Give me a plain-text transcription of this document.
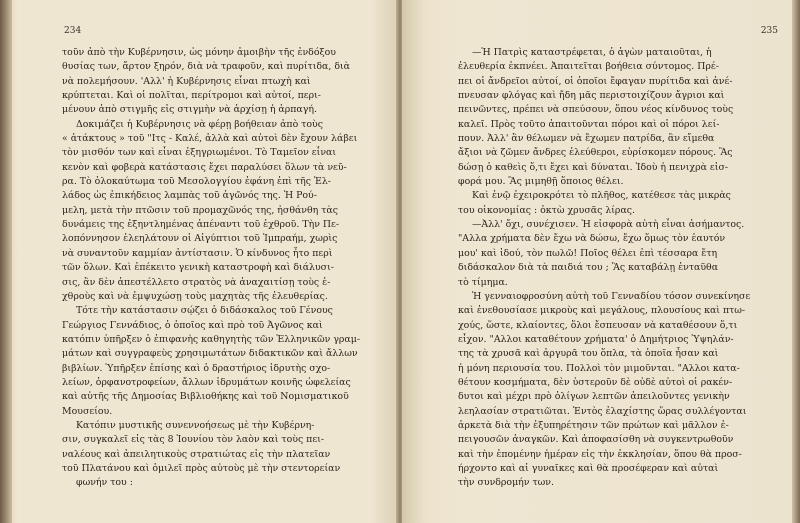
234
τοῦν ἀπὸ τὴν Κυβέρνησιν, ὡς μόνην ἀμοιβὴν τῆς ἐνδόξου
θυσίας των, ἄρτον ξηρόν, διὰ νὰ τραφοῦν, καὶ πυρίτιδα, διὰ
νὰ πολεμήσουν. 'Αλλ' ἡ Κυβέρνησις εἶναι πτωχὴ καὶ
κρύπτεται. Καὶ οἱ πολῖται, περίτρομοι καὶ αὐτοί, περι-
μένουν ἀπὸ στιγμῆς εἰς στιγμὴν νὰ ἀρχίσῃ ἡ ἁρπαγή.
Δοκιμάζει ἡ Κυβέρνησις νὰ φέρῃ βοήθειαν ἀπὸ τοὺς
« ἀτάκτους » τοῦ "Ιτς - Καλέ, ἀλλὰ καὶ αὐτοὶ δὲν ἔχουν λάβει
τὸν μισθόν των καὶ εἶναι ἐξηγριωμένοι. Τὸ Ταμεῖον εἶναι
κενὸν καὶ φοβερὰ κατάστασις ἔχει παραλύσει ὅλων τὰ νεῦ-
ρα. Τὸ ὁλοκαύτωμα τοῦ Μεσολογγίου ἐφάνη ἐπὶ τῆς Ἑλ-
λάδος ὡς ἐπικήδειος λαμπὰς τοῦ ἀγῶνός της. Ἡ Ρού-
μελη, μετὰ τὴν πτῶσιν τοῦ προμαχῶνός της, ἠσθάνθη τὰς
δυνάμεις της ἐξηντλημένας ἀπέναντι τοῦ ἐχθροῦ. Τὴν Πε-
λοπόννησον ἐλεηλάτουν οἱ Αἰγύπτιοι τοῦ Ἰμπραήμ, χωρὶς
νὰ συναντοῦν καμμίαν ἀντίστασιν. Ὁ κίνδυνος ἦτο περὶ
τῶν ὅλων. Καὶ ἐπέκειτο γενικὴ καταστροφὴ καὶ διάλυσι-
σις, ἂν δὲν ἀπεστέλλετο στρατὸς νὰ ἀναχαιτίσῃ τοὺς ἐ-
χθροὺς καὶ νὰ ἐμψυχώσῃ τοὺς μαχητὰς τῆς ἐλευθερίας.
Τότε τὴν κατάστασιν σῴζει ὁ διδάσκαλος τοῦ Γένους
Γεώργιος Γεννάδιος, ὁ ὁποῖος καὶ πρὸ τοῦ Ἀγῶνος καὶ
κατόπιν ὑπῆρξεν ὁ ἐπιφανὴς καθηγητὴς τῶν Ἑλληνικῶν γραμ-
μάτων καὶ συγγραφεὺς χρησιμωτάτων διδακτικῶν καὶ ἄλλων
βιβλίων. Ὑπῆρξεν ἐπίσης καὶ ὁ δραστήριος ἱδρυτὴς σχο-
λείων, ὀρφανοτροφείων, ἄλλων ἱδρυμάτων κοινῆς ὠφελείας
καὶ αὐτῆς τῆς Δημοσίας Βιβλιοθήκης καὶ τοῦ Νομισματικοῦ
Μουσείου.
Κατόπιν μυστικῆς συνεννοήσεως μὲ τὴν Κυβέρνη-
σιν, συγκαλεῖ εἰς τὰς 8 Ἰουνίου τὸν λαὸν καὶ τοὺς πει-
ναλέους καὶ ἀπειλητικοὺς στρατιώτας εἰς τὴν πλατεῖαν
τοῦ Πλατάνου καὶ ὁμιλεῖ πρὸς αὐτοὺς μὲ τὴν στεντορείαν
φωνήν του :
235
—Ἡ Πατρὶς καταστρέφεται, ὁ ἀγὼν ματαιοῦται, ἡ
ἐλευθερία ἐκπνέει. Ἀπαιτεῖται βοήθεια σύντομος. Πρέ-
πει οἱ ἄνδρεῖοι αὐτοί, οἱ ὁποῖοι ἔφαγαν πυρίτιδα καὶ ἀνέ-
πνευσαν φλόγας καὶ ἤδη μᾶς περιστοιχίζουν ἄγριοι καὶ
πεινῶντες, πρέπει νὰ σπεύσουν, ὅπου νέος κίνδυνος τοὺς
καλεῖ. Πρὸς τοῦτο ἀπαιτοῦνται πόροι καὶ οἱ πόροι λεί-
πουν. Ἀλλ' ἂν θέλωμεν νὰ ἔχωμεν πατρίδα, ἂν εἴμεθα
ἄξιοι νὰ ζῶμεν ἄνδρες ἐλεύθεροι, εὑρίσκομεν πόρους. Ἂς
δώσῃ ὁ καθεὶς ὅ,τι ἔχει καὶ δύναται. Ἰδοὺ ἡ πενιχρὰ εἰσ-
φορά μου. Ἂς μιμηθῇ ὅποιος θέλει.
Καὶ ἐνῷ ἐχειροκρότει τὸ πλῆθος, κατέθεσε τὰς μικρὰς
του οἰκονομίας : ὀκτὼ χρυσᾶς λίρας.
—Ἀλλ' ὄχι, συνέχισεν. Ἡ εἰσφορὰ αὐτὴ εἶναι ἀσήμαντος.
"Αλλα χρήματα δὲν ἔχω νὰ δώσω, ἔχω ὅμως τὸν ἑαυτόν
μου' καὶ ἰδού, τὸν πωλῶ! Ποῖος θέλει ἐπὶ τέσσαρα ἔτη
διδάσκαλον διὰ τὰ παιδιά του ; Ἂς καταβάλῃ ἐνταῦθα
τὸ τίμημα.
Ἡ γενναιοφροσύνη αὐτὴ τοῦ Γενναδίου τόσον συνεκίνησε
καὶ ἐνεθουσίασε μικροὺς καὶ μεγάλους, πλουσίους καὶ πτω-
χούς, ὥστε, κλαίοντες, ὅλοι ἔσπευσαν νὰ καταθέσουν ὅ,τι
εἶχον. "Αλλοι καταθέτουν χρήματα' ὁ Δημήτριος Ὑψηλάν-
της τὰ χρυσᾶ καὶ ἀργυρᾶ του ὅπλα, τὰ ὁποῖα ἦσαν καὶ
ἡ μόνη περιουσία του. Πολλοὶ τὸν μιμοῦνται. "Αλλοι κατα-
θέτουν κοσμήματα, δὲν ὑστεροῦν δὲ οὐδὲ αὐτοὶ οἱ ρακέν-
δυτοι καὶ μέχρι πρὸ ὀλίγων λεπτῶν ἀπειλοῦντες γενικὴν
λεηλασίαν στρατιῶται. Ἐντὸς ἐλαχίστης ὥρας συλλέγονται
ἀρκετὰ διὰ τὴν ἐξυπηρέτησιν τῶν πρώτων καὶ μᾶλλον ἐ-
πειγουσῶν ἀναγκῶν. Καὶ ἀποφασίσθη νὰ συγκεντρωθοῦν
καὶ τὴν ἐπομένην ἡμέραν εἰς τὴν ἐκκλησίαν, ὅπου θὰ προσ-
ήρχοντο καὶ αἱ γυναῖκες καὶ θὰ προσέφεραν καὶ αὐταὶ
τὴν συνδρομήν των.
